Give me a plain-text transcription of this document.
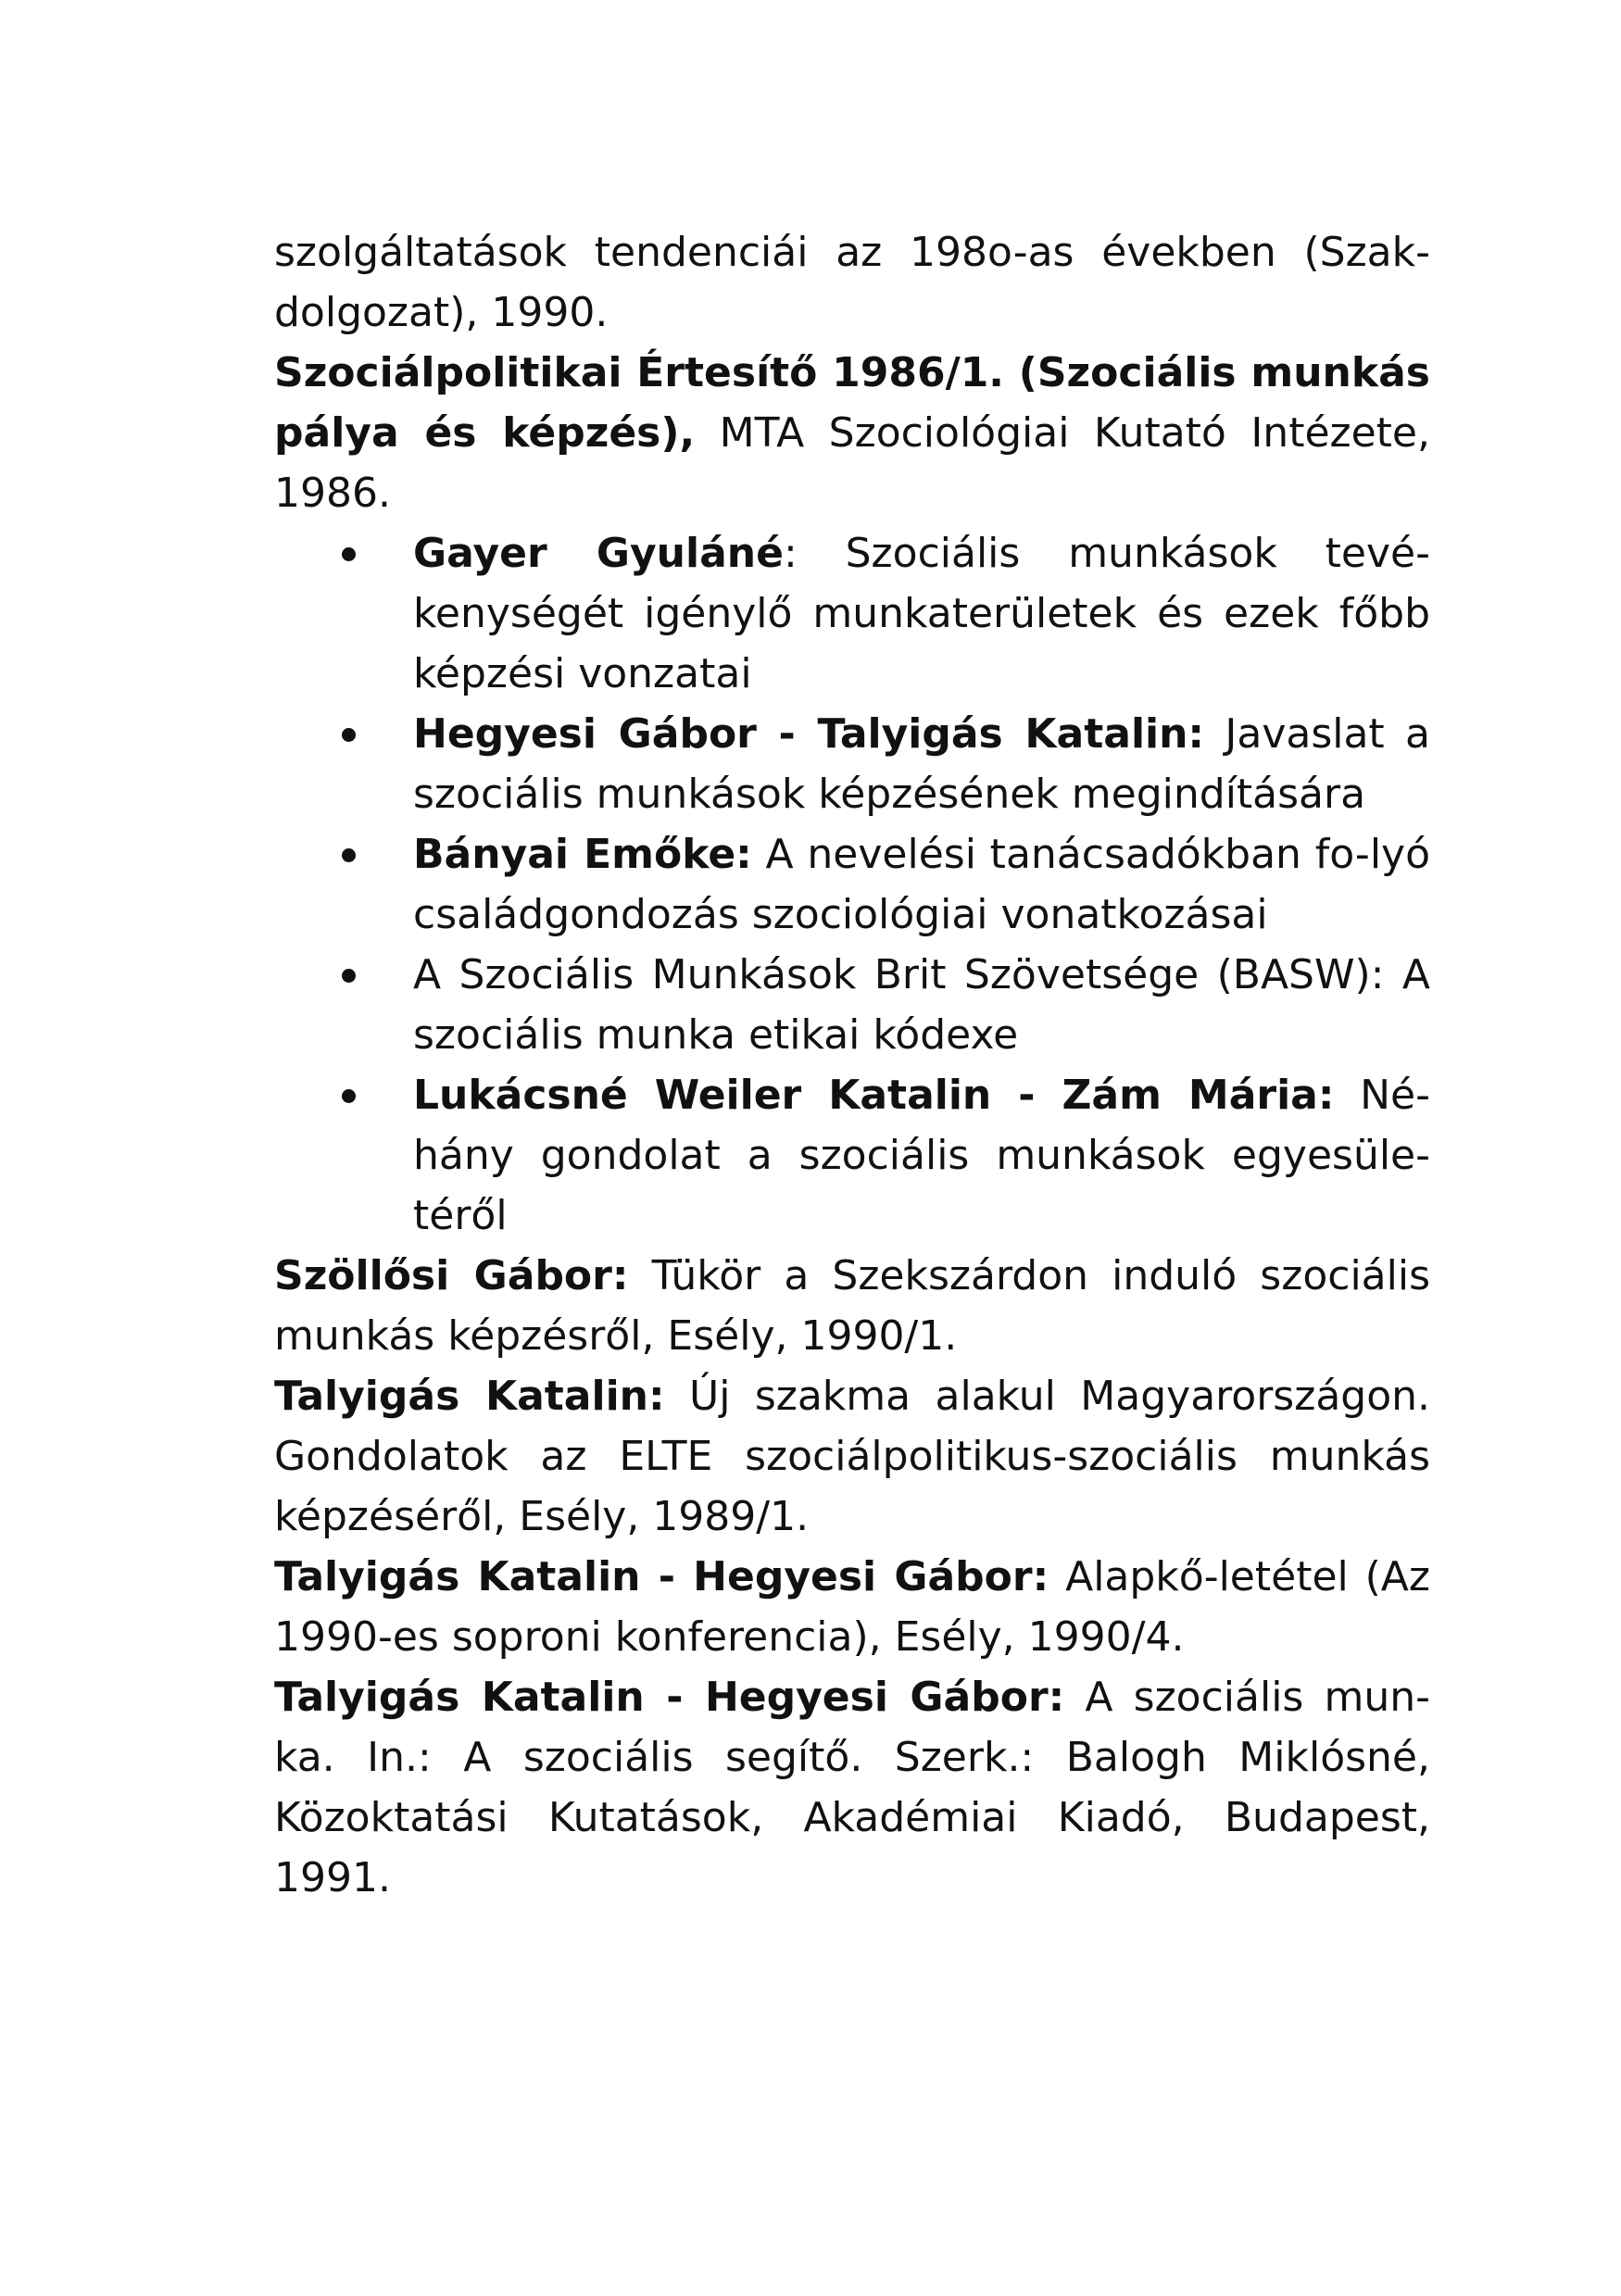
szolgáltatások tendenciái az 198o-as években (Szak-dolgozat), 1990.

Szociálpolitikai Értesítő 1986/1. (Szociális munkás pálya és képzés), MTA Szociológiai Kutató Intézete, 1986.

Gayer Gyuláné: Szociális munkások tevé-kenységét igénylő munkaterületek és ezek főbb képzési vonzatai
Hegyesi Gábor - Talyigás Katalin: Javaslat a szociális munkások képzésének megindítására
Bányai Emőke: A nevelési tanácsadókban fo-lyó családgondozás szociológiai vonatkozásai
A Szociális Munkások Brit Szövetsége (BASW): A szociális munka etikai kódexe
Lukácsné Weiler Katalin - Zám Mária: Né-hány gondolat a szociális munkások egyesüle-téről

Szöllősi Gábor: Tükör a Szekszárdon induló szociális munkás képzésről, Esély, 1990/1.

Talyigás Katalin: Új szakma alakul Magyarországon. Gondolatok az ELTE szociálpolitikus-szociális munkás képzéséről, Esély, 1989/1.

Talyigás Katalin - Hegyesi Gábor: Alapkő-letétel (Az 1990-es soproni konferencia), Esély, 1990/4.

Talyigás Katalin - Hegyesi Gábor: A szociális mun-ka. In.: A szociális segítő. Szerk.: Balogh Miklósné, Közoktatási Kutatások, Akadémiai Kiadó, Budapest, 1991.
